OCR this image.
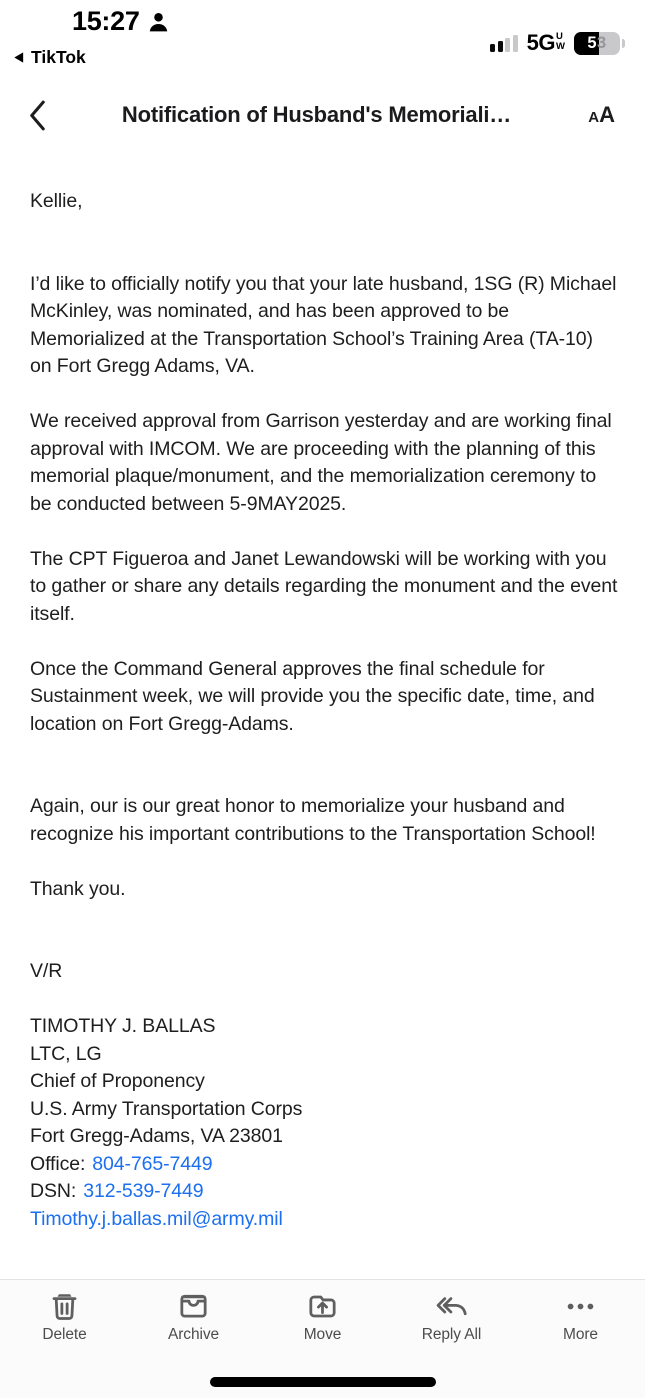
15:27
TikTok
5G U
W 5 3
Notification of Husband's Memoriali…	AA
Kellie,
I’d like to officially notify you that your late husband, 1SG (R) Michael McKinley, was nominated, and has been approved to be Memorialized at the Transportation School’s Training Area (TA-10) on Fort Gregg Adams, VA.
We received approval from Garrison yesterday and are working final approval with IMCOM. We are proceeding with the planning of this memorial plaque/monument, and the memorialization ceremony to be conducted between 5-9MAY2025.
The CPT Figueroa and Janet Lewandowski will be working with you to gather or share any details regarding the monument and the event itself.
Once the Command General approves the final schedule for Sustainment week, we will provide you the specific date, time, and location on Fort Gregg-Adams.
Again, our is our great honor to memorialize your husband and recognize his important contributions to the Transportation School!
Thank you.
V/R
TIMOTHY J. BALLAS
LTC, LG
Chief of Proponency
U.S. Army Transportation Corps
Fort Gregg-Adams, VA 23801
Office: 804-765-7449
DSN: 312-539-7449
Timothy.j.ballas.mil@army.mil
Delete	Archive	Move	Reply All	More
